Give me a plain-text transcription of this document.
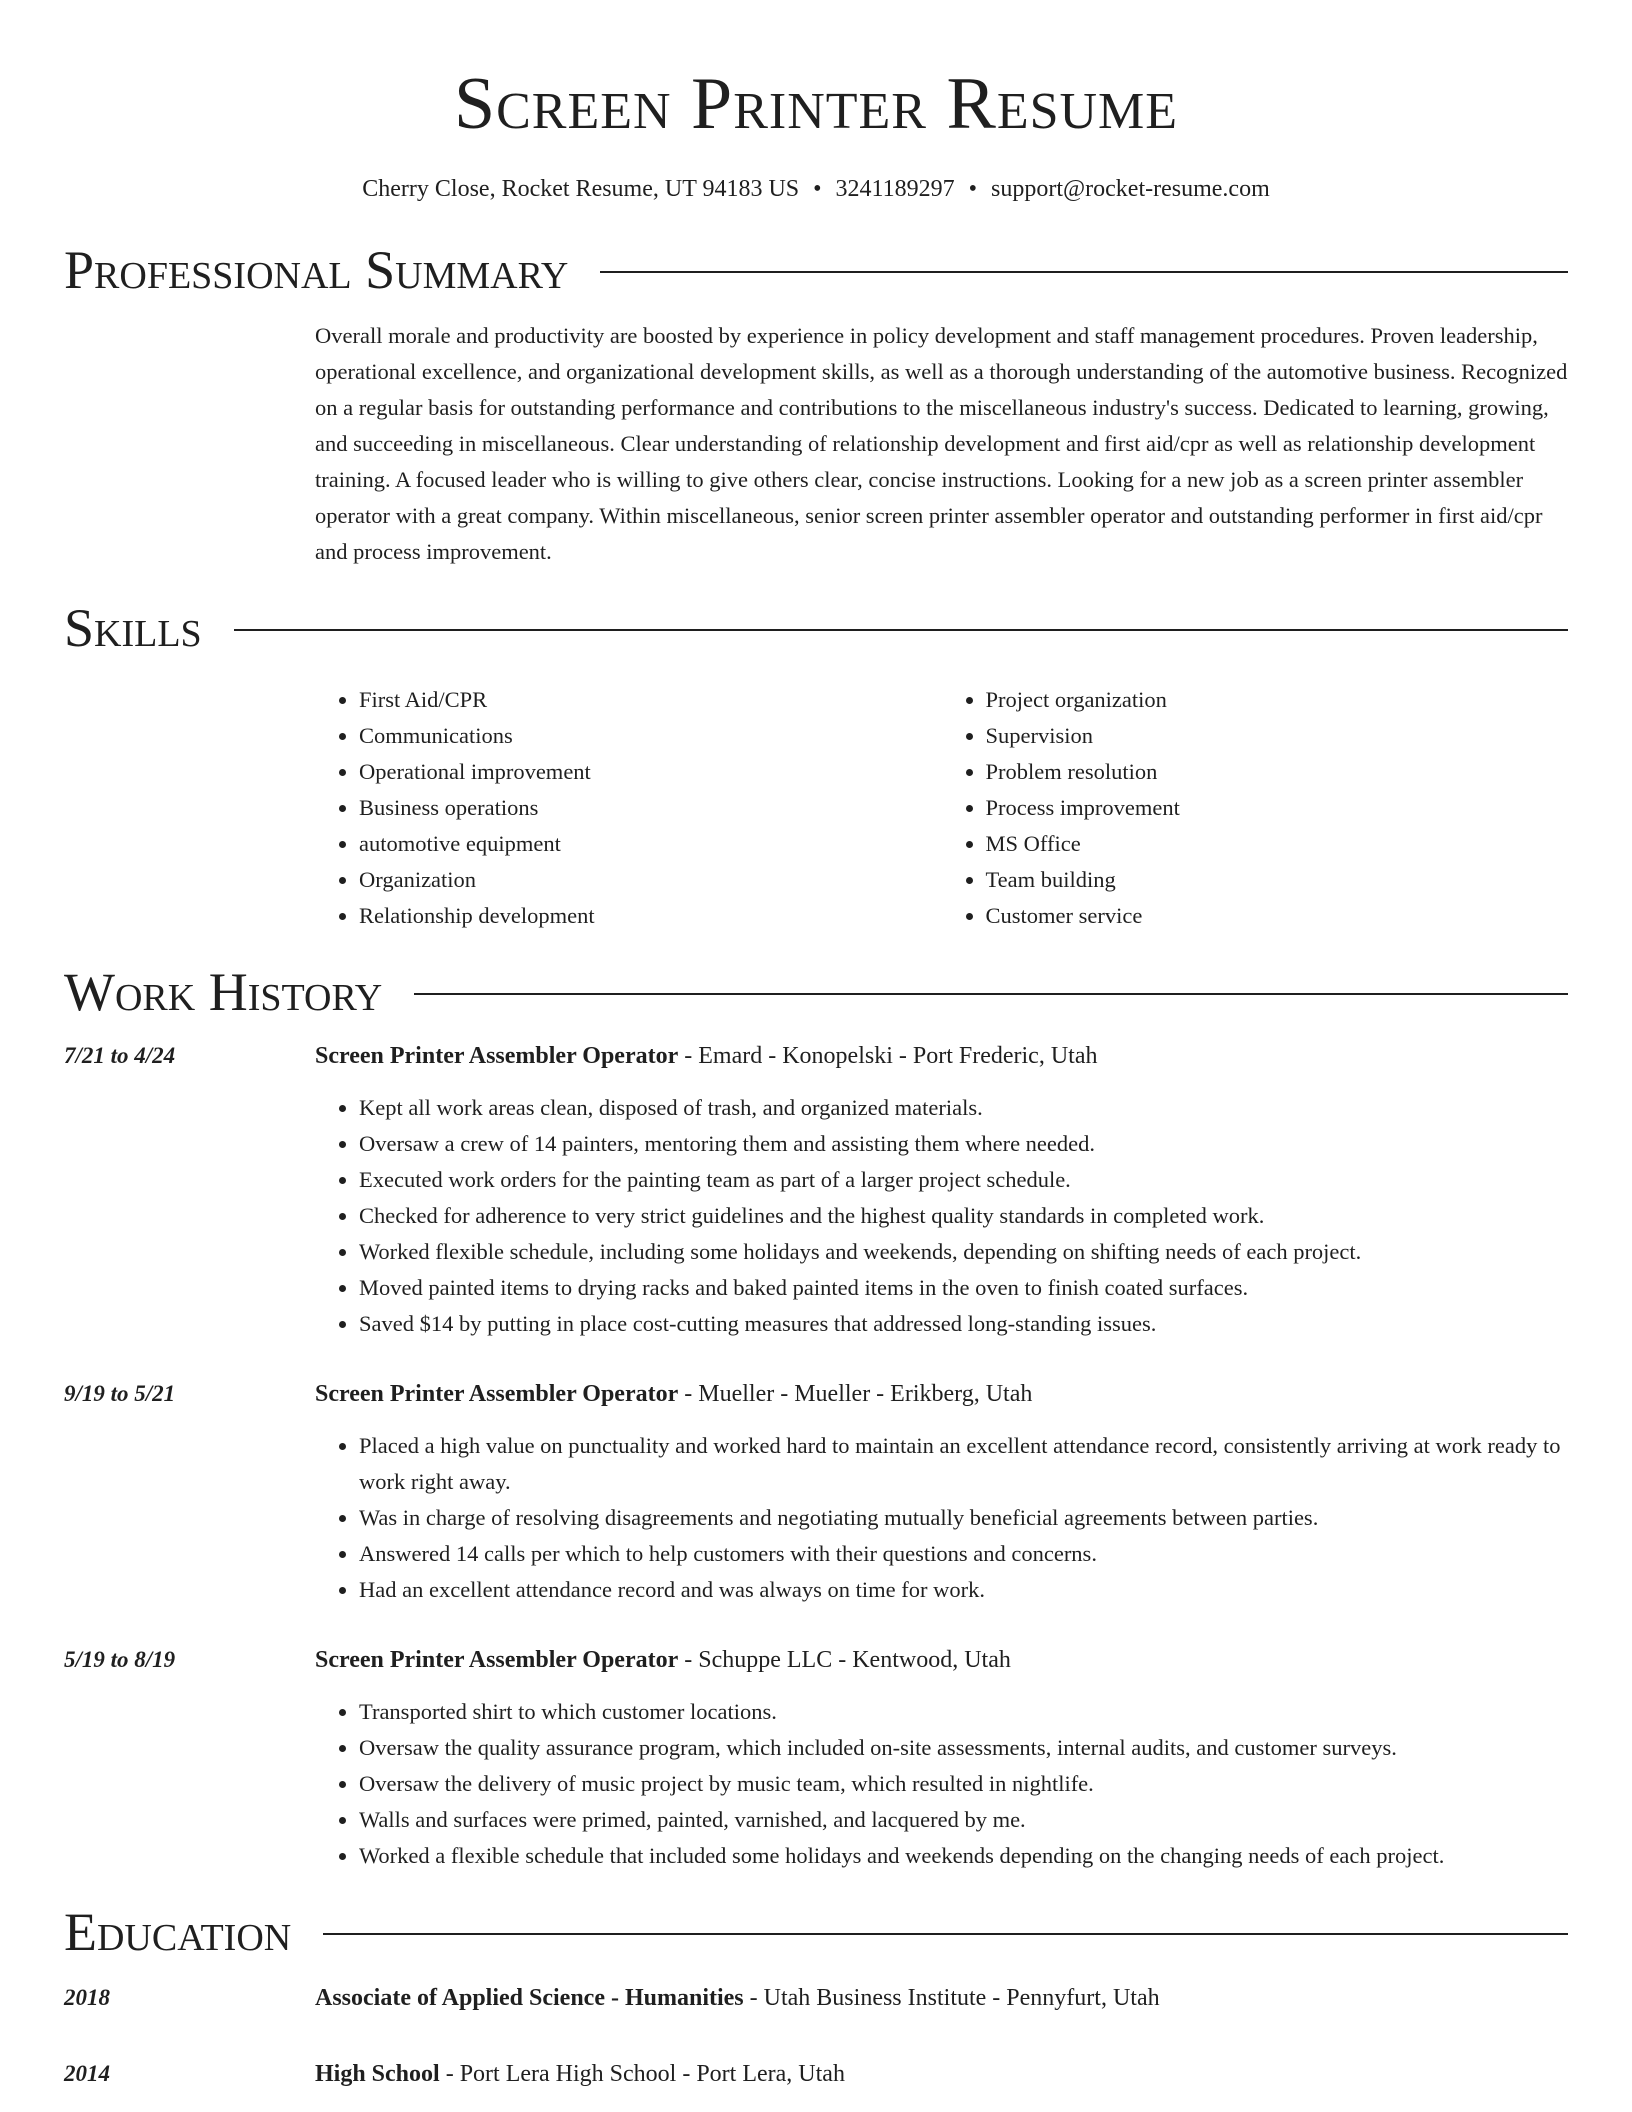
Screen Printer Resume
Cherry Close, Rocket Resume, UT 94183 US • 3241189297 • support@rocket-resume.com
Professional Summary
Overall morale and productivity are boosted by experience in policy development and staff management procedures. Proven leadership, operational excellence, and organizational development skills, as well as a thorough understanding of the automotive business. Recognized on a regular basis for outstanding performance and contributions to the miscellaneous industry's success. Dedicated to learning, growing, and succeeding in miscellaneous. Clear understanding of relationship development and first aid/cpr as well as relationship development training. A focused leader who is willing to give others clear, concise instructions. Looking for a new job as a screen printer assembler operator with a great company. Within miscellaneous, senior screen printer assembler operator and outstanding performer in first aid/cpr and process improvement.
Skills
• First Aid/CPR
• Communications
• Operational improvement
• Business operations
• automotive equipment
• Organization
• Relationship development
• Project organization
• Supervision
• Problem resolution
• Process improvement
• MS Office
• Team building
• Customer service
Work History
7/21 to 4/24	Screen Printer Assembler Operator - Emard - Konopelski - Port Frederic, Utah
• Kept all work areas clean, disposed of trash, and organized materials.
• Oversaw a crew of 14 painters, mentoring them and assisting them where needed.
• Executed work orders for the painting team as part of a larger project schedule.
• Checked for adherence to very strict guidelines and the highest quality standards in completed work.
• Worked flexible schedule, including some holidays and weekends, depending on shifting needs of each project.
• Moved painted items to drying racks and baked painted items in the oven to finish coated surfaces.
• Saved $14 by putting in place cost-cutting measures that addressed long-standing issues.
9/19 to 5/21	Screen Printer Assembler Operator - Mueller - Mueller - Erikberg, Utah
• Placed a high value on punctuality and worked hard to maintain an excellent attendance record, consistently arriving at work ready to work right away.
• Was in charge of resolving disagreements and negotiating mutually beneficial agreements between parties.
• Answered 14 calls per which to help customers with their questions and concerns.
• Had an excellent attendance record and was always on time for work.
5/19 to 8/19	Screen Printer Assembler Operator - Schuppe LLC - Kentwood, Utah
• Transported shirt to which customer locations.
• Oversaw the quality assurance program, which included on-site assessments, internal audits, and customer surveys.
• Oversaw the delivery of music project by music team, which resulted in nightlife.
• Walls and surfaces were primed, painted, varnished, and lacquered by me.
• Worked a flexible schedule that included some holidays and weekends depending on the changing needs of each project.
Education
2018	Associate of Applied Science - Humanities - Utah Business Institute - Pennyfurt, Utah
2014	High School - Port Lera High School - Port Lera, Utah
